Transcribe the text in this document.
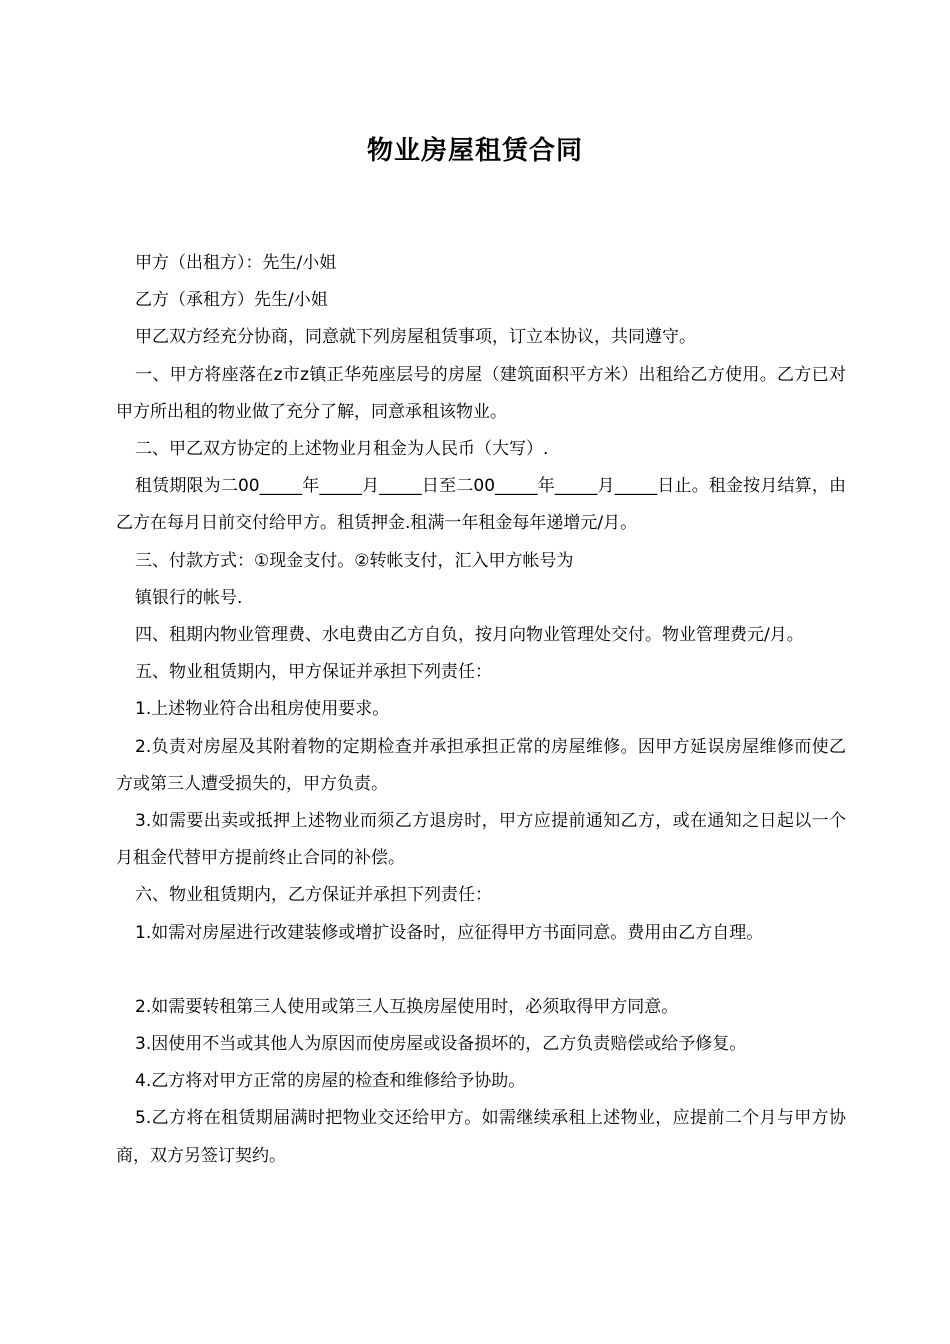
物业房屋租赁合同

甲方（出租方）：先生/小姐

乙方（承租方）先生/小姐

甲乙双方经充分协商，同意就下列房屋租赁事项，订立本协议，共同遵守。

一、甲方将座落在z市z镇正华苑座层号的房屋（建筑面积平方米）出租给乙方使用。乙方已对甲方所出租的物业做了充分了解，同意承租该物业。

二、甲乙双方协定的上述物业月租金为人民币（大写）.

租赁期限为二00_____年_____月_____日至二00_____年_____月_____日止。租金按月结算，由乙方在每月日前交付给甲方。租赁押金.租满一年租金每年递增元/月。

三、付款方式：①现金支付。②转帐支付，汇入甲方帐号为

镇银行的帐号.

四、租期内物业管理费、水电费由乙方自负，按月向物业管理处交付。物业管理费元/月。

五、物业租赁期内，甲方保证并承担下列责任：

1.上述物业符合出租房使用要求。

2.负责对房屋及其附着物的定期检查并承担承担正常的房屋维修。因甲方延误房屋维修而使乙方或第三人遭受损失的，甲方负责。

3.如需要出卖或抵押上述物业而须乙方退房时，甲方应提前通知乙方，或在通知之日起以一个月租金代替甲方提前终止合同的补偿。

六、物业租赁期内，乙方保证并承担下列责任：

1.如需对房屋进行改建装修或增扩设备时，应征得甲方书面同意。费用由乙方自理。

2.如需要转租第三人使用或第三人互换房屋使用时，必须取得甲方同意。

3.因使用不当或其他人为原因而使房屋或设备损坏的，乙方负责赔偿或给予修复。

4.乙方将对甲方正常的房屋的检查和维修给予协助。

5.乙方将在租赁期届满时把物业交还给甲方。如需继续承租上述物业，应提前二个月与甲方协商，双方另签订契约。
